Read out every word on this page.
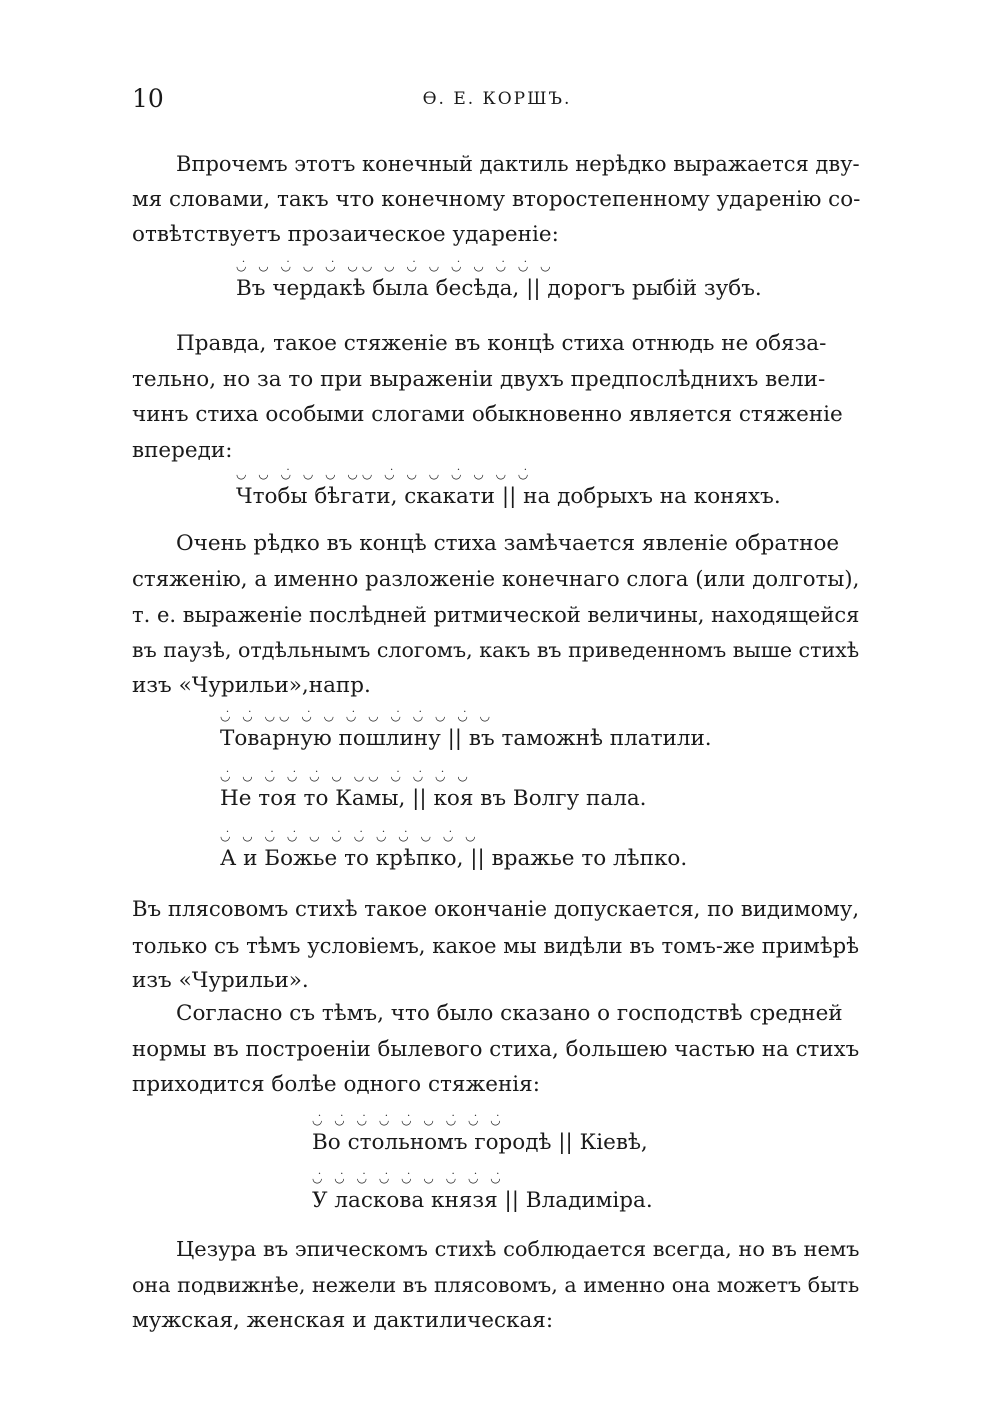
10	Ѳ. Е. КОРШЪ.
Впрочемъ этотъ конечный дактиль нерѣдко выражается дву-
мя словами, такъ что конечному второстепенному ударенію со-
отвѣтствуетъ прозаическое удареніе:
◡̇ ◡ ◡̇ ◡ ◡̇ ◡◡ ◡ ◡̇ ◡ ◡̇ ◡ ◡̇ ◡̇ ◡
Въ чердакѣ была бесѣда, || дорогъ рыбій зубъ.
Правда, такое стяженіе въ концѣ стиха отнюдь не обяза-
тельно, но за то при выраженіи двухъ предпослѣднихъ вели-
чинъ стиха особыми слогами обыкновенно является стяженіе
впереди:
◡ ◡ ◡̇ ◡ ◡ ◡◡ ◡̇ ◡ ◡ ◡̇ ◡ ◡ ◡̇
Чтобы бѣгати, скакати || на добрыхъ на коняхъ.
Очень рѣдко въ концѣ стиха замѣчается явленіе обратное
стяженію, а именно разложеніе конечнаго слога (или долготы),
т. е. выраженіе послѣдней ритмической величины, находящейся
въ паузѣ, отдѣльнымъ слогомъ, какъ въ приведенномъ выше стихѣ
изъ «Чурильи»,напр.
◡̇ ◡̇ ◡◡ ◡̇ ◡ ◡̇ ◡ ◡̇ ◡̇ ◡ ◡̇ ◡
Товарную пошлину || въ таможнѣ платили.
◡̇ ◡ ◡̇ ◡̇ ◡̇ ◡ ◡◡ ◡̇ ◡̇ ◡̇ ◡
Не тоя то Камы, || коя въ Волгу пала.
◡̇ ◡ ◡̇ ◡̇ ◡ ◡̇ ◡̇ ◡̇ ◡̇ ◡ ◡̇ ◡
А и Божье то крѣпко, || вражье то лѣпко.
Въ плясовомъ стихѣ такое окончаніе допускается, по видимому,
только съ тѣмъ условіемъ, какое мы видѣли въ томъ-же примѣрѣ
изъ «Чурильи».
Согласно съ тѣмъ, что было сказано о господствѣ средней
нормы въ построеніи былевого стиха, большею частью на стихъ
приходится болѣе одного стяженія:
◡̇ ◡̇ ◡̇ ◡̇ ◡̇ ◡ ◡̇ ◡̇ ◡̇
Во стольномъ городѣ || Кіевѣ,
◡̇ ◡̇ ◡̇ ◡̇ ◡̇ ◡ ◡̇ ◡̇ ◡̇
У ласкова князя || Владиміра.
Цезура въ эпическомъ стихѣ соблюдается всегда, но въ немъ
она подвижнѣе, нежели въ плясовомъ, а именно она можетъ быть
мужская, женская и дактилическая:
